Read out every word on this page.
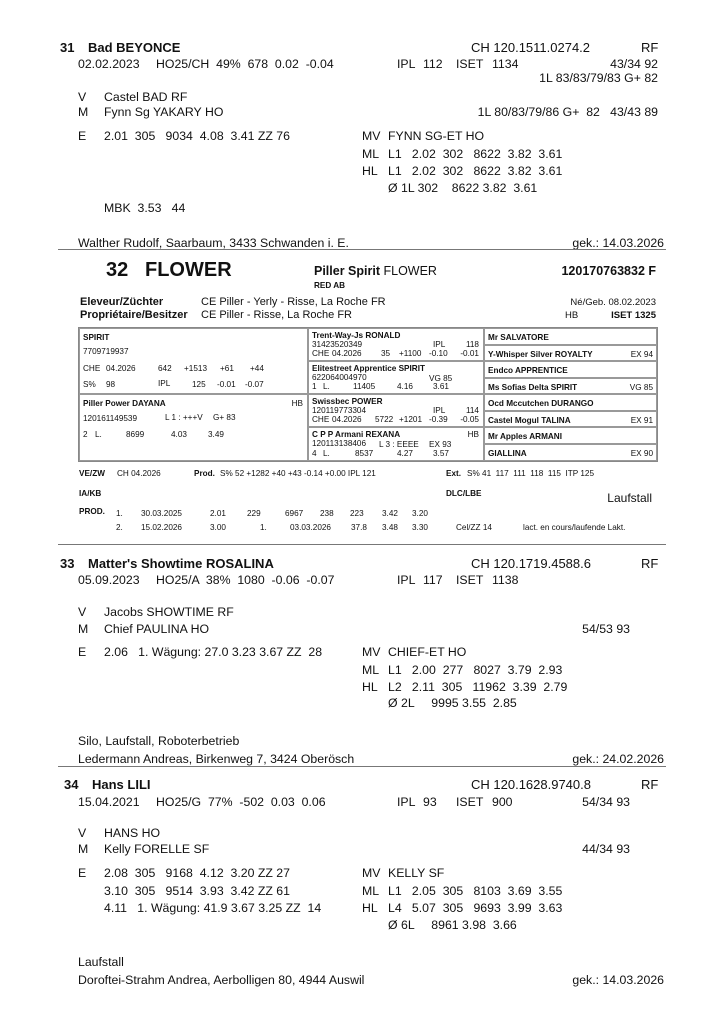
31 Bad BEYONCE	CH 120.1511.0274.2	RF
02.02.2023 HO25/CH  49%  678  0.02  -0.04	IPL 112 ISET 1134	43/34 92
1L 83/83/79/83 G+ 82
V Castel BAD RF
M Fynn Sg YAKARY HO	1L 80/83/79/86 G+  82   43/43 89
E 2.01  305   9034  4.08  3.41 ZZ 76	MV FYNN SG-ET HO
ML L1   2.02  302   8622  3.82  3.61
HL L1   2.02  302   8622  3.82  3.61
Ø 1L 302    8622 3.82  3.61
MBK  3.53   44
Walther Rudolf, Saarbaum, 3433 Schwanden i. E.	gek.: 14.03.2026
32 FLOWER	Piller Spirit FLOWER
RED AB
120170763832 F
Eleveur/Züchter	CE Piller - Yerly - Risse, La Roche FR
Propriétaire/Besitzer CE Piller - Risse, La Roche FR
Né/Geb. 08.02.2023
HB	ISET 1325
SPIRIT
7709719937
CHE 04.2026	642 +1513 +61 +44
S% 98	IPL	125 -0.01 -0.07
Piller Power DAYANA	HB
120161149539	L 1 : +++V G+ 83
2 L.	8699	4.03	3.49
Trent-Way-Js RONALD
31423520349	IPL	118
CHE 04.2026 35 +1100 -0.10 -0.01
Elitestreet Apprentice SPIRIT
622064004970	VG 85
1 L.	11405	4.16 3.61
Swissbec POWER
120119773304	IPL	114
CHE 04.2026 5722 +1201 -0.39 -0.05
C P P Armani REXANA	HB
120113138406 L 3 : EEEE EX 93
4 L.	8537	4.27 3.57
Mr SALVATORE
Y-Whisper Silver ROYALTY	EX 94
Endco APPRENTICE
Ms Sofias Delta SPIRIT	VG 85
Ocd Mccutchen DURANGO
Castel Mogul TALINA	EX 91
Mr Apples ARMANI
GIALLINA	EX 90
VE/ZW CH 04.2026	Prod. S% 52 +1282 +40 +43 -0.14 +0.00 IPL 121	Ext. S% 41  117  111  118  115  ITP 125
IA/KB	DLC/LBE	Laufstall
PROD. 1. 30.03.2025	2.01	229	6967 238 223 3.42 3.20
2. 15.02.2026	3.00	1.	03.03.2026 37.8 3.48 3.30	Cel/ZZ 14	lact. en cours/laufende Lakt.
33 Matter's Showtime ROSALINA	CH 120.1719.4588.6	RF
05.09.2023 HO25/A  38%  1080  -0.06  -0.07	IPL 117 ISET 1138
V Jacobs SHOWTIME RF
M Chief PAULINA HO	54/53 93
E 2.06   1. Wägung: 27.0 3.23 3.67 ZZ  28	MV CHIEF-ET HO
ML L1   2.00  277   8027  3.79  2.93
HL L2   2.11  305   11962  3.39  2.79
Ø 2L     9995 3.55  2.85
Silo, Laufstall, Roboterbetrieb
Ledermann Andreas, Birkenweg 7, 3424 Oberösch	gek.: 24.02.2026
34 Hans LILI	CH 120.1628.9740.8	RF
15.04.2021 HO25/G  77%  -502  0.03  0.06	IPL 93 ISET 900	54/34 93
V HANS HO
M Kelly FORELLE SF	44/34 93
E 2.08  305   9168  4.12  3.20 ZZ 27
3.10  305   9514  3.93  3.42 ZZ 61
4.11   1. Wägung: 41.9 3.67 3.25 ZZ  14
MV KELLY SF
ML L1   2.05  305   8103  3.69  3.55
HL L4   5.07  305   9693  3.99  3.63
Ø 6L     8961 3.98  3.66
Laufstall
Doroftei-Strahm Andrea, Aerbolligen 80, 4944 Auswil	gek.: 14.03.2026
